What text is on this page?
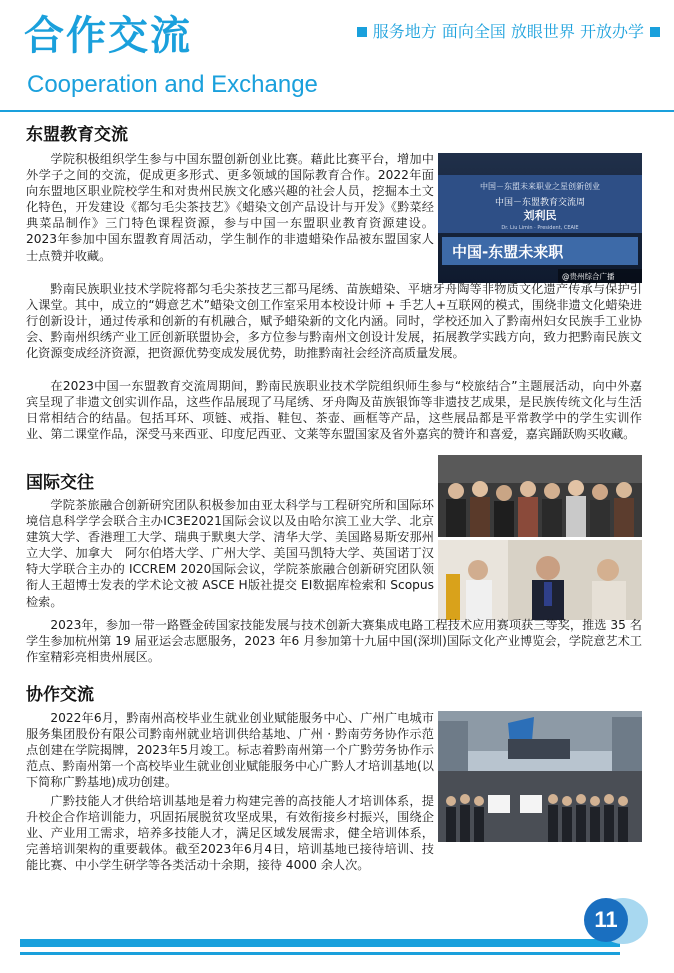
合作交流
Cooperation and Exchange
服务地方 面向全国 放眼世界 开放办学
东盟教育交流

学院积极组织学生参与中国东盟创新创业比赛。藉此比赛平台，增加中外学子之间的交流，促成更多形式、更多领域的国际教育合作。2022年面向东盟地区职业院校学生和对贵州民族文化感兴趣的社会人员，挖掘本土文化特色，开发建设《都匀毛尖茶技艺》《蜡染文创产品设计与开发》《黔菜经典菜品制作》三门特色课程资源，参与中国一东盟职业教育资源建设。2023年参加中国东盟教育周活动，学生制作的非遗蜡染作品被东盟国家人士点赞并收藏。

中国－东盟未来职业之星创新创业
中国－东盟教育交流周
刘利民
Dr. Liu Limin · President, CEAIE
中国-东盟未来职
@贵州综合广播

黔南民族职业技术学院将都匀毛尖茶技艺三都马尾绣、苗族蜡染、平塘牙舟陶等非物质文化遗产传承与保护引入课堂。其中，成立的“姆意艺术”蜡染文创工作室采用本校设计师 + 手艺人+互联网的模式，围绕非遗文化蜡染进行创新设计，通过传承和创新的有机融合，赋予蜡染新的文化内涵。同时，学校还加入了黔南州妇女民族手工业协会、黔南州织绣产业工匠创新联盟协会，多方位参与黔南州文创设计发展，拓展教学实践方向，致力把黔南民族文化资源变成经济资源，把资源优势变成发展优势，助推黔南社会经济高质量发展。

在2023中国一东盟教育交流周期间，黔南民族职业技术学院组织师生参与“校旅结合”主题展活动，向中外嘉宾呈现了非遗文创实训作品，这些作品展现了马尾绣、牙舟陶及苗族银饰等非遗技艺成果，是民族传统文化与生活日常相结合的结晶。包括耳环、项链、戒指、鞋包、茶壶、画框等产品，这些展品都是平常教学中的学生实训作业、第二课堂作品，深受马来西亚、印度尼西亚、文莱等东盟国家及省外嘉宾的赞许和喜爱，嘉宾踊跃购买收藏。

国际交往

学院茶旅融合创新研究团队积极参加由亚太科学与工程研究所和国际环境信息科学学会联合主办IC3E2021国际会议以及由哈尔滨工业大学、北京建筑大学、香港理工大学、瑞典于默奥大学、清华大学、美国路易斯安那州立大学、加拿大　阿尔伯塔大学、广州大学、美国马凯特大学、英国诺丁汉特大学联合主办的 ICCREM 2020国际会议，学院茶旅融合创新研究团队领衔人王超博士发表的学术论文被 ASCE H版社提交 EI数据库检索和 Scopus 检索。

2023年，参加一带一路暨金砖国家技能发展与技术创新大赛集成电路工程技术应用赛项获三等奖，推选 35 名学生参加杭州第 19 届亚运会志愿服务，2023 年6 月参加第十九届中国(深圳)国际文化产业博览会，学院意艺术工作室精彩亮相贵州展区。

协作交流

2022年6月，黔南州高校毕业生就业创业赋能服务中心、广州广电城市服务集团股份有限公司黔南州就业培训供给基地、广州 · 黔南劳务协作示范点创建在学院揭牌，2023年5月竣工。标志着黔南州第一个广黔劳务协作示范点、黔南州第一个高校毕业生就业创业赋能服务中心广黔人才培训基地(以下简称广黔基地)成功创建。

广黔技能人才供给培训基地是着力构建完善的高技能人才培训体系，提升校企合作培训能力，巩固拓展脱贫攻坚成果，有效衔接乡村振兴，围绕企业、产业用工需求，培养多技能人才，满足区域发展需求，健全培训体系，完善培训架构的重要载体。截至2023年6月4日，培训基地已接待培训、技能比赛、中小学生研学等各类活动十余期，接待 4000 余人次。

11
